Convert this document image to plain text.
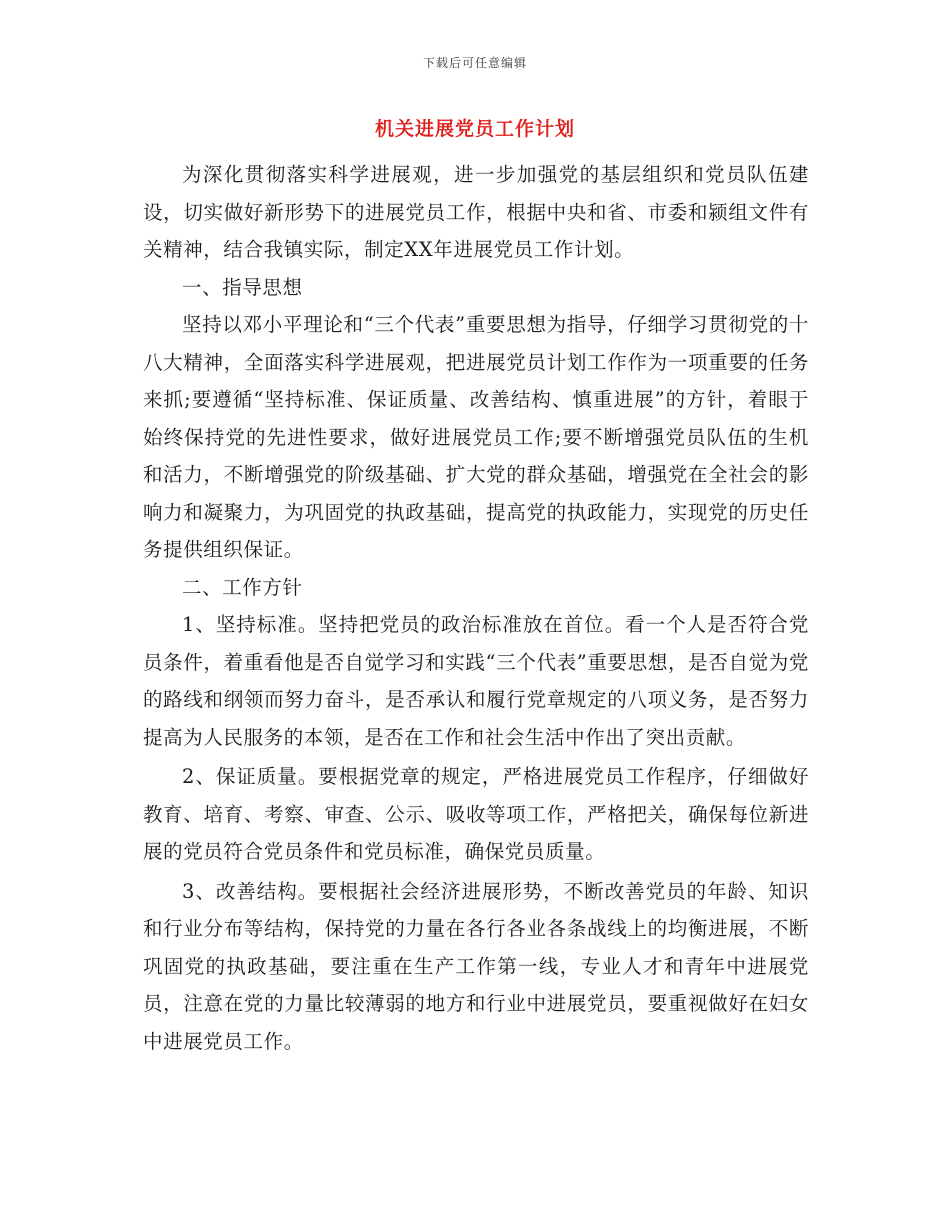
下载后可任意编辑
机关进展党员工作计划

为深化贯彻落实科学进展观，进一步加强党的基层组织和党员队伍建设，切实做好新形势下的进展党员工作，根据中央和省、市委和颍组文件有关精神，结合我镇实际，制定XX年进展党员工作计划。

一、指导思想

坚持以邓小平理论和“三个代表”重要思想为指导，仔细学习贯彻党的十八大精神，全面落实科学进展观，把进展党员计划工作作为一项重要的任务来抓;要遵循“坚持标准、保证质量、改善结构、慎重进展”的方针，着眼于始终保持党的先进性要求，做好进展党员工作;要不断增强党员队伍的生机和活力，不断增强党的阶级基础、扩大党的群众基础，增强党在全社会的影响力和凝聚力，为巩固党的执政基础，提高党的执政能力，实现党的历史任务提供组织保证。

二、工作方针

1、坚持标准。坚持把党员的政治标准放在首位。看一个人是否符合党员条件，着重看他是否自觉学习和实践“三个代表”重要思想，是否自觉为党的路线和纲领而努力奋斗，是否承认和履行党章规定的八项义务，是否努力提高为人民服务的本领，是否在工作和社会生活中作出了突出贡献。

2、保证质量。要根据党章的规定，严格进展党员工作程序，仔细做好教育、培育、考察、审查、公示、吸收等项工作，严格把关，确保每位新进展的党员符合党员条件和党员标准，确保党员质量。

3、改善结构。要根据社会经济进展形势，不断改善党员的年龄、知识和行业分布等结构，保持党的力量在各行各业各条战线上的均衡进展，不断巩固党的执政基础，要注重在生产工作第一线，专业人才和青年中进展党员，注意在党的力量比较薄弱的地方和行业中进展党员，要重视做好在妇女中进展党员工作。
